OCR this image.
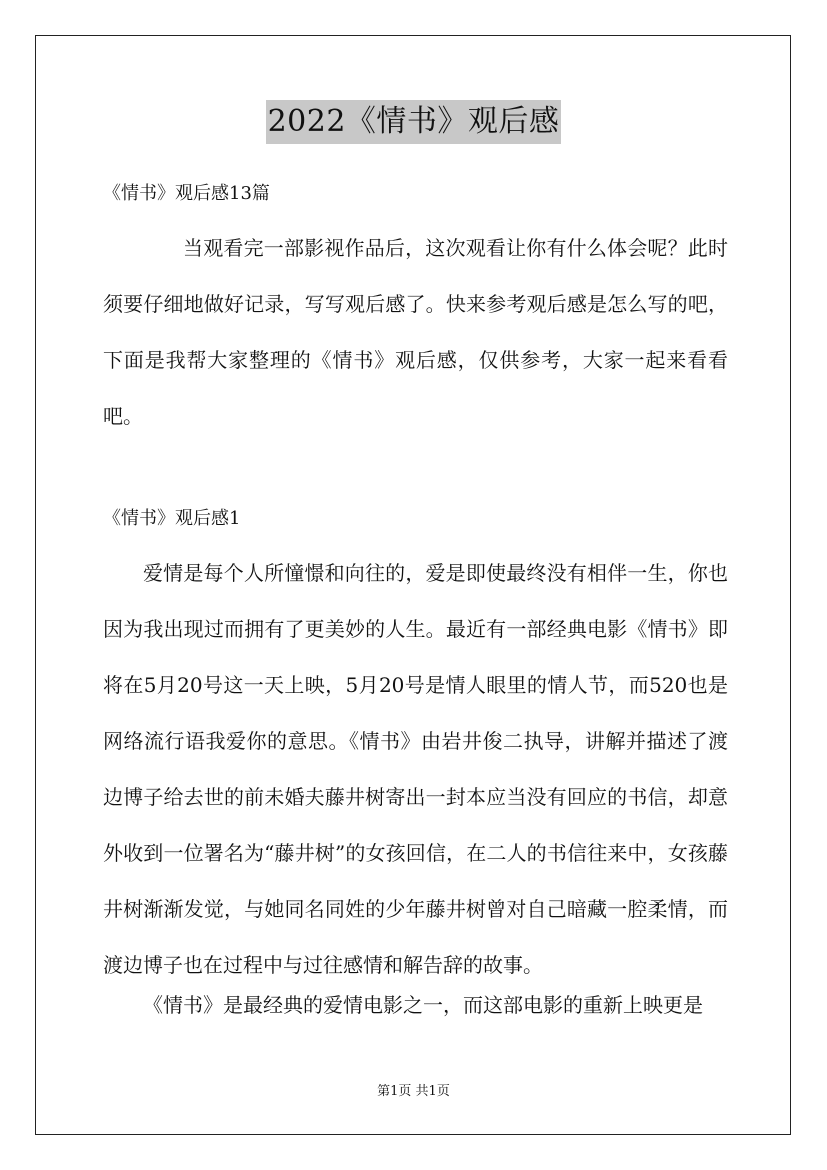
2022《情书》观后感
《情书》观后感13篇
当观看完一部影视作品后，这次观看让你有什么体会呢？此时须要仔细地做好记录，写写观后感了。快来参考观后感是怎么写的吧，下面是我帮大家整理的《情书》观后感，仅供参考，大家一起来看看吧。
《情书》观后感1
爱情是每个人所憧憬和向往的，爱是即使最终没有相伴一生，你也因为我出现过而拥有了更美妙的人生。最近有一部经典电影《情书》即将在5月20号这一天上映，5月20号是情人眼里的情人节，而520也是网络流行语我爱你的意思。《情书》由岩井俊二执导，讲解并描述了渡边博子给去世的前未婚夫藤井树寄出一封本应当没有回应的书信，却意外收到一位署名为“藤井树”的女孩回信，在二人的书信往来中，女孩藤井树渐渐发觉，与她同名同姓的少年藤井树曾对自己暗藏一腔柔情，而渡边博子也在过程中与过往感情和解告辞的故事。
《情书》是最经典的爱情电影之一，而这部电影的重新上映更是
第1页 共1页
